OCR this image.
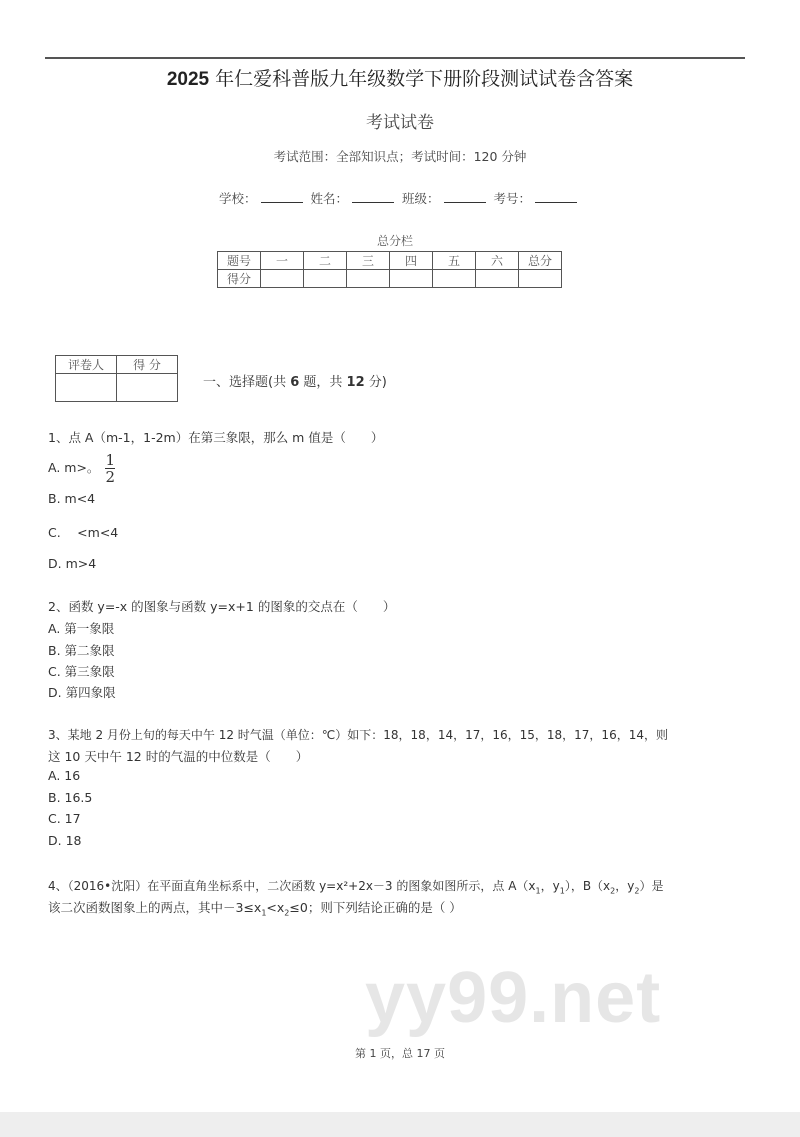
2025 年仁爱科普版九年级数学下册阶段测试试卷含答案
考试试卷
考试范围：全部知识点；考试时间：120 分钟
学校：	姓名：	班级：	考号：
总分栏
题号	一	二	三	四	五	六	总分
得分							
评卷人	得 分

一、选择题(共 6 题，共 12 分)
1、点 A（m-1，1-2m）在第三象限，那么 m 值是（　　）
A. m>。 $\frac{1}{2}$
B. m<4
C.　 <m<4
D. m>4
2、函数 y=-x 的图象与函数 y=x+1 的图象的交点在（　　）
A. 第一象限
B. 第二象限
C. 第三象限
D. 第四象限
3、某地 2 月份上旬的每天中午 12 时气温（单位：℃）如下：18，18，14，17，16，15，18，17，16，14，则
这 10 天中午 12 时的气温的中位数是（　　）
A. 16
B. 16.5
C. 17
D. 18
4、（2016•沈阳）在平面直角坐标系中，二次函数 y=x²+2x－3 的图象如图所示，点 $A(x_1$，$y_1$），$B(x_2$，$y_2$）是
该二次函数图象上的两点，其中$-3\le x_1<x_2\le 0$；则下列结论正确的是（ ）
yy99.net
第 1 页，总 17 页
